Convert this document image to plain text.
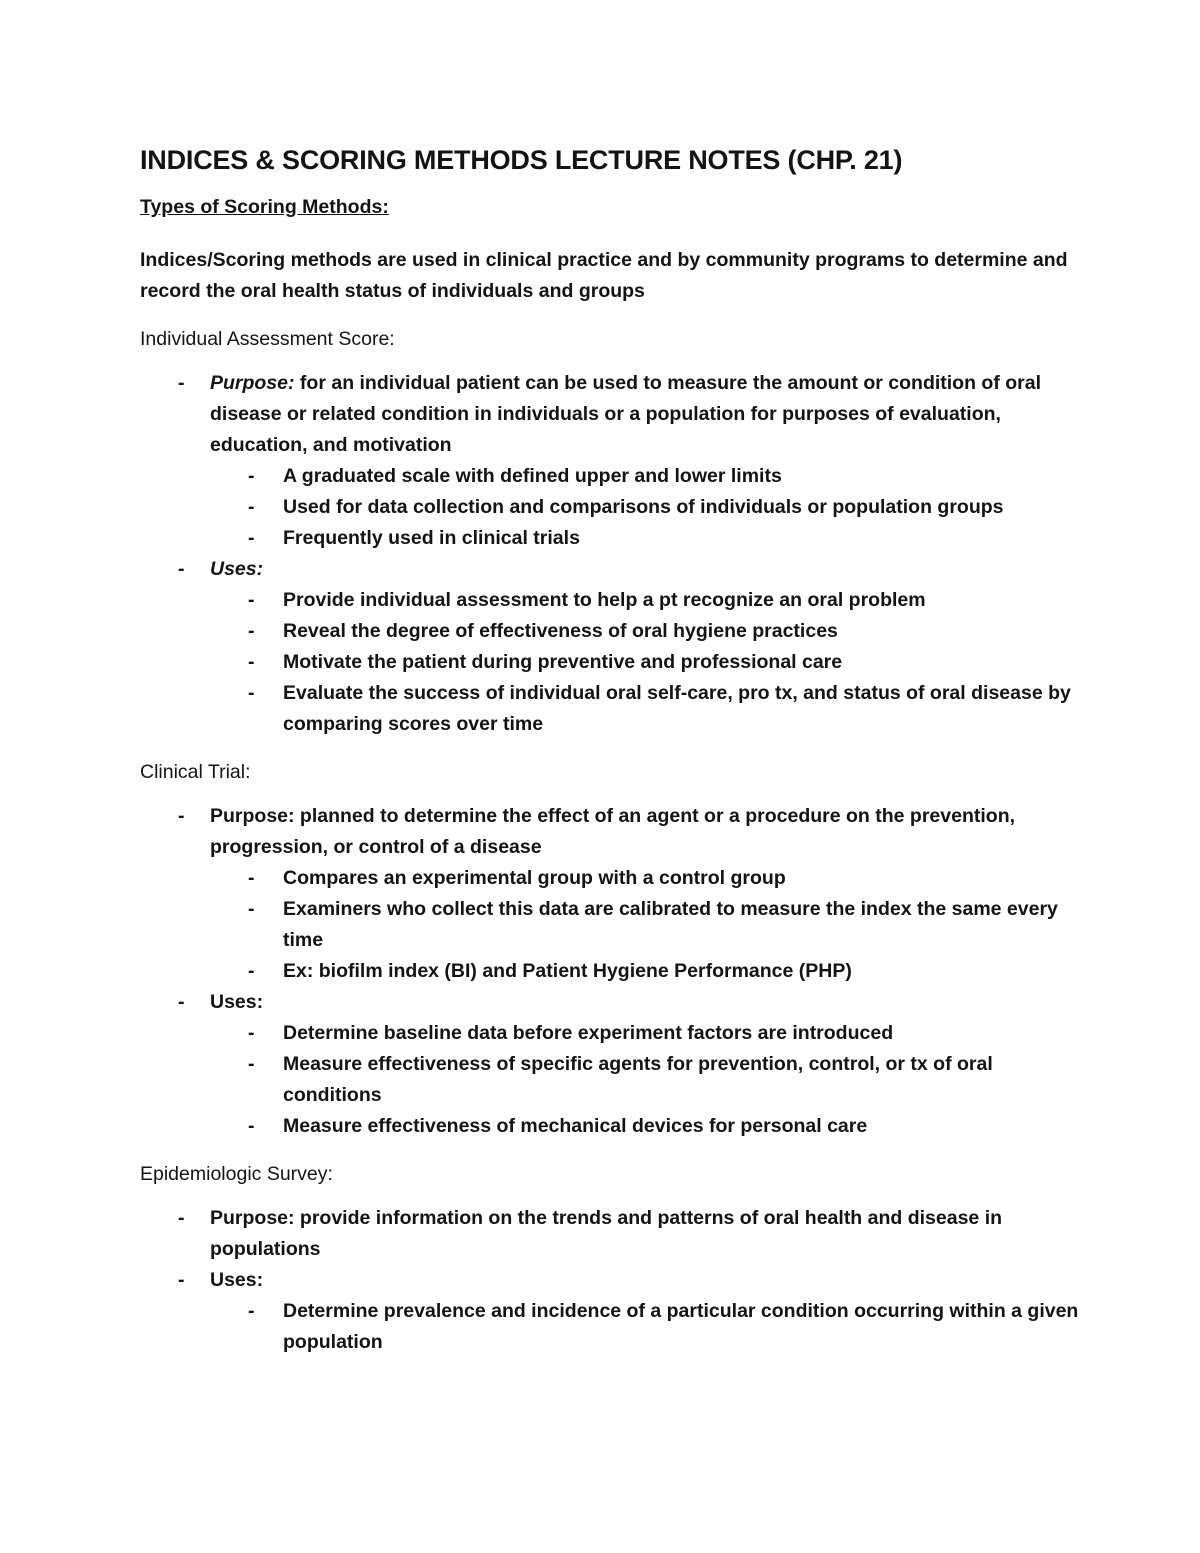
INDICES & SCORING METHODS LECTURE NOTES (CHP. 21)
Types of Scoring Methods:

Indices/Scoring methods are used in clinical practice and by community programs to determine and record the oral health status of individuals and groups

Individual Assessment Score:
-	Purpose: for an individual patient can be used to measure the amount or condition of oral disease or related condition in individuals or a population for purposes of evaluation, education, and motivation
-	A graduated scale with defined upper and lower limits
-	Used for data collection and comparisons of individuals or population groups
-	Frequently used in clinical trials
-	Uses:
-	Provide individual assessment to help a pt recognize an oral problem
-	Reveal the degree of effectiveness of oral hygiene practices
-	Motivate the patient during preventive and professional care
-	Evaluate the success of individual oral self-care, pro tx, and status of oral disease by comparing scores over time
Clinical Trial:
-	Purpose: planned to determine the effect of an agent or a procedure on the prevention, progression, or control of a disease
-	Compares an experimental group with a control group
-	Examiners who collect this data are calibrated to measure the index the same every time
-	Ex: biofilm index (BI) and Patient Hygiene Performance (PHP)
-	Uses:
-	Determine baseline data before experiment factors are introduced
-	Measure effectiveness of specific agents for prevention, control, or tx of oral conditions
-	Measure effectiveness of mechanical devices for personal care
Epidemiologic Survey:
-	Purpose: provide information on the trends and patterns of oral health and disease in populations
-	Uses:
-	Determine prevalence and incidence of a particular condition occurring within a given population
